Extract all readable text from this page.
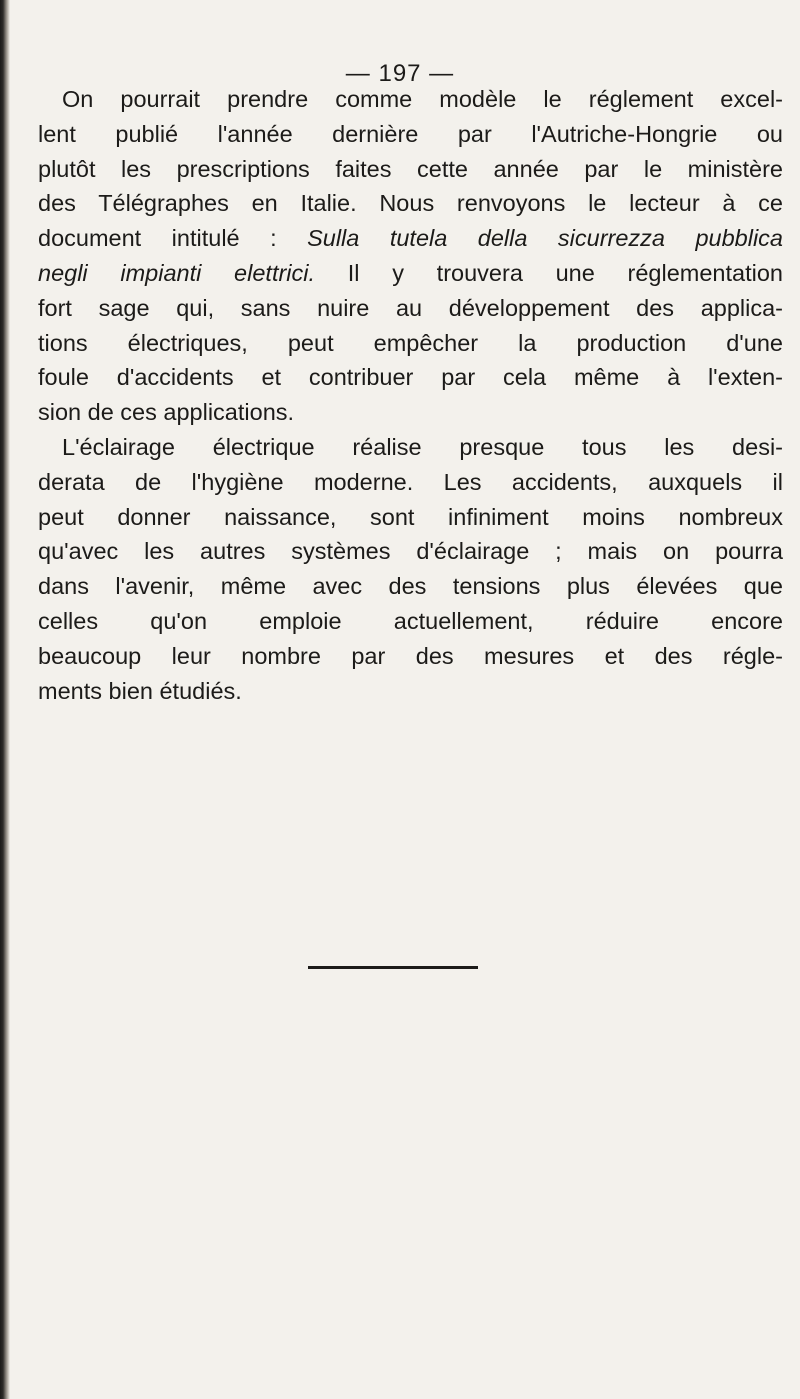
— 197 —

On pourrait prendre comme modèle le réglement excel-
lent publié l'année dernière par l'Autriche-Hongrie ou
plutôt les prescriptions faites cette année par le ministère
des Télégraphes en Italie. Nous renvoyons le lecteur à ce
document intitulé : Sulla tutela della sicurrezza pubblica
negli impianti elettrici. Il y trouvera une réglementation
fort sage qui, sans nuire au développement des applica-
tions électriques, peut empêcher la production d'une
foule d'accidents et contribuer par cela même à l'exten-
sion de ces applications.

L'éclairage électrique réalise presque tous les desi-
derata de l'hygiène moderne. Les accidents, auxquels il
peut donner naissance, sont infiniment moins nombreux
qu'avec les autres systèmes d'éclairage ; mais on pourra
dans l'avenir, même avec des tensions plus élevées que
celles qu'on emploie actuellement, réduire encore
beaucoup leur nombre par des mesures et des régle-
ments bien étudiés.
